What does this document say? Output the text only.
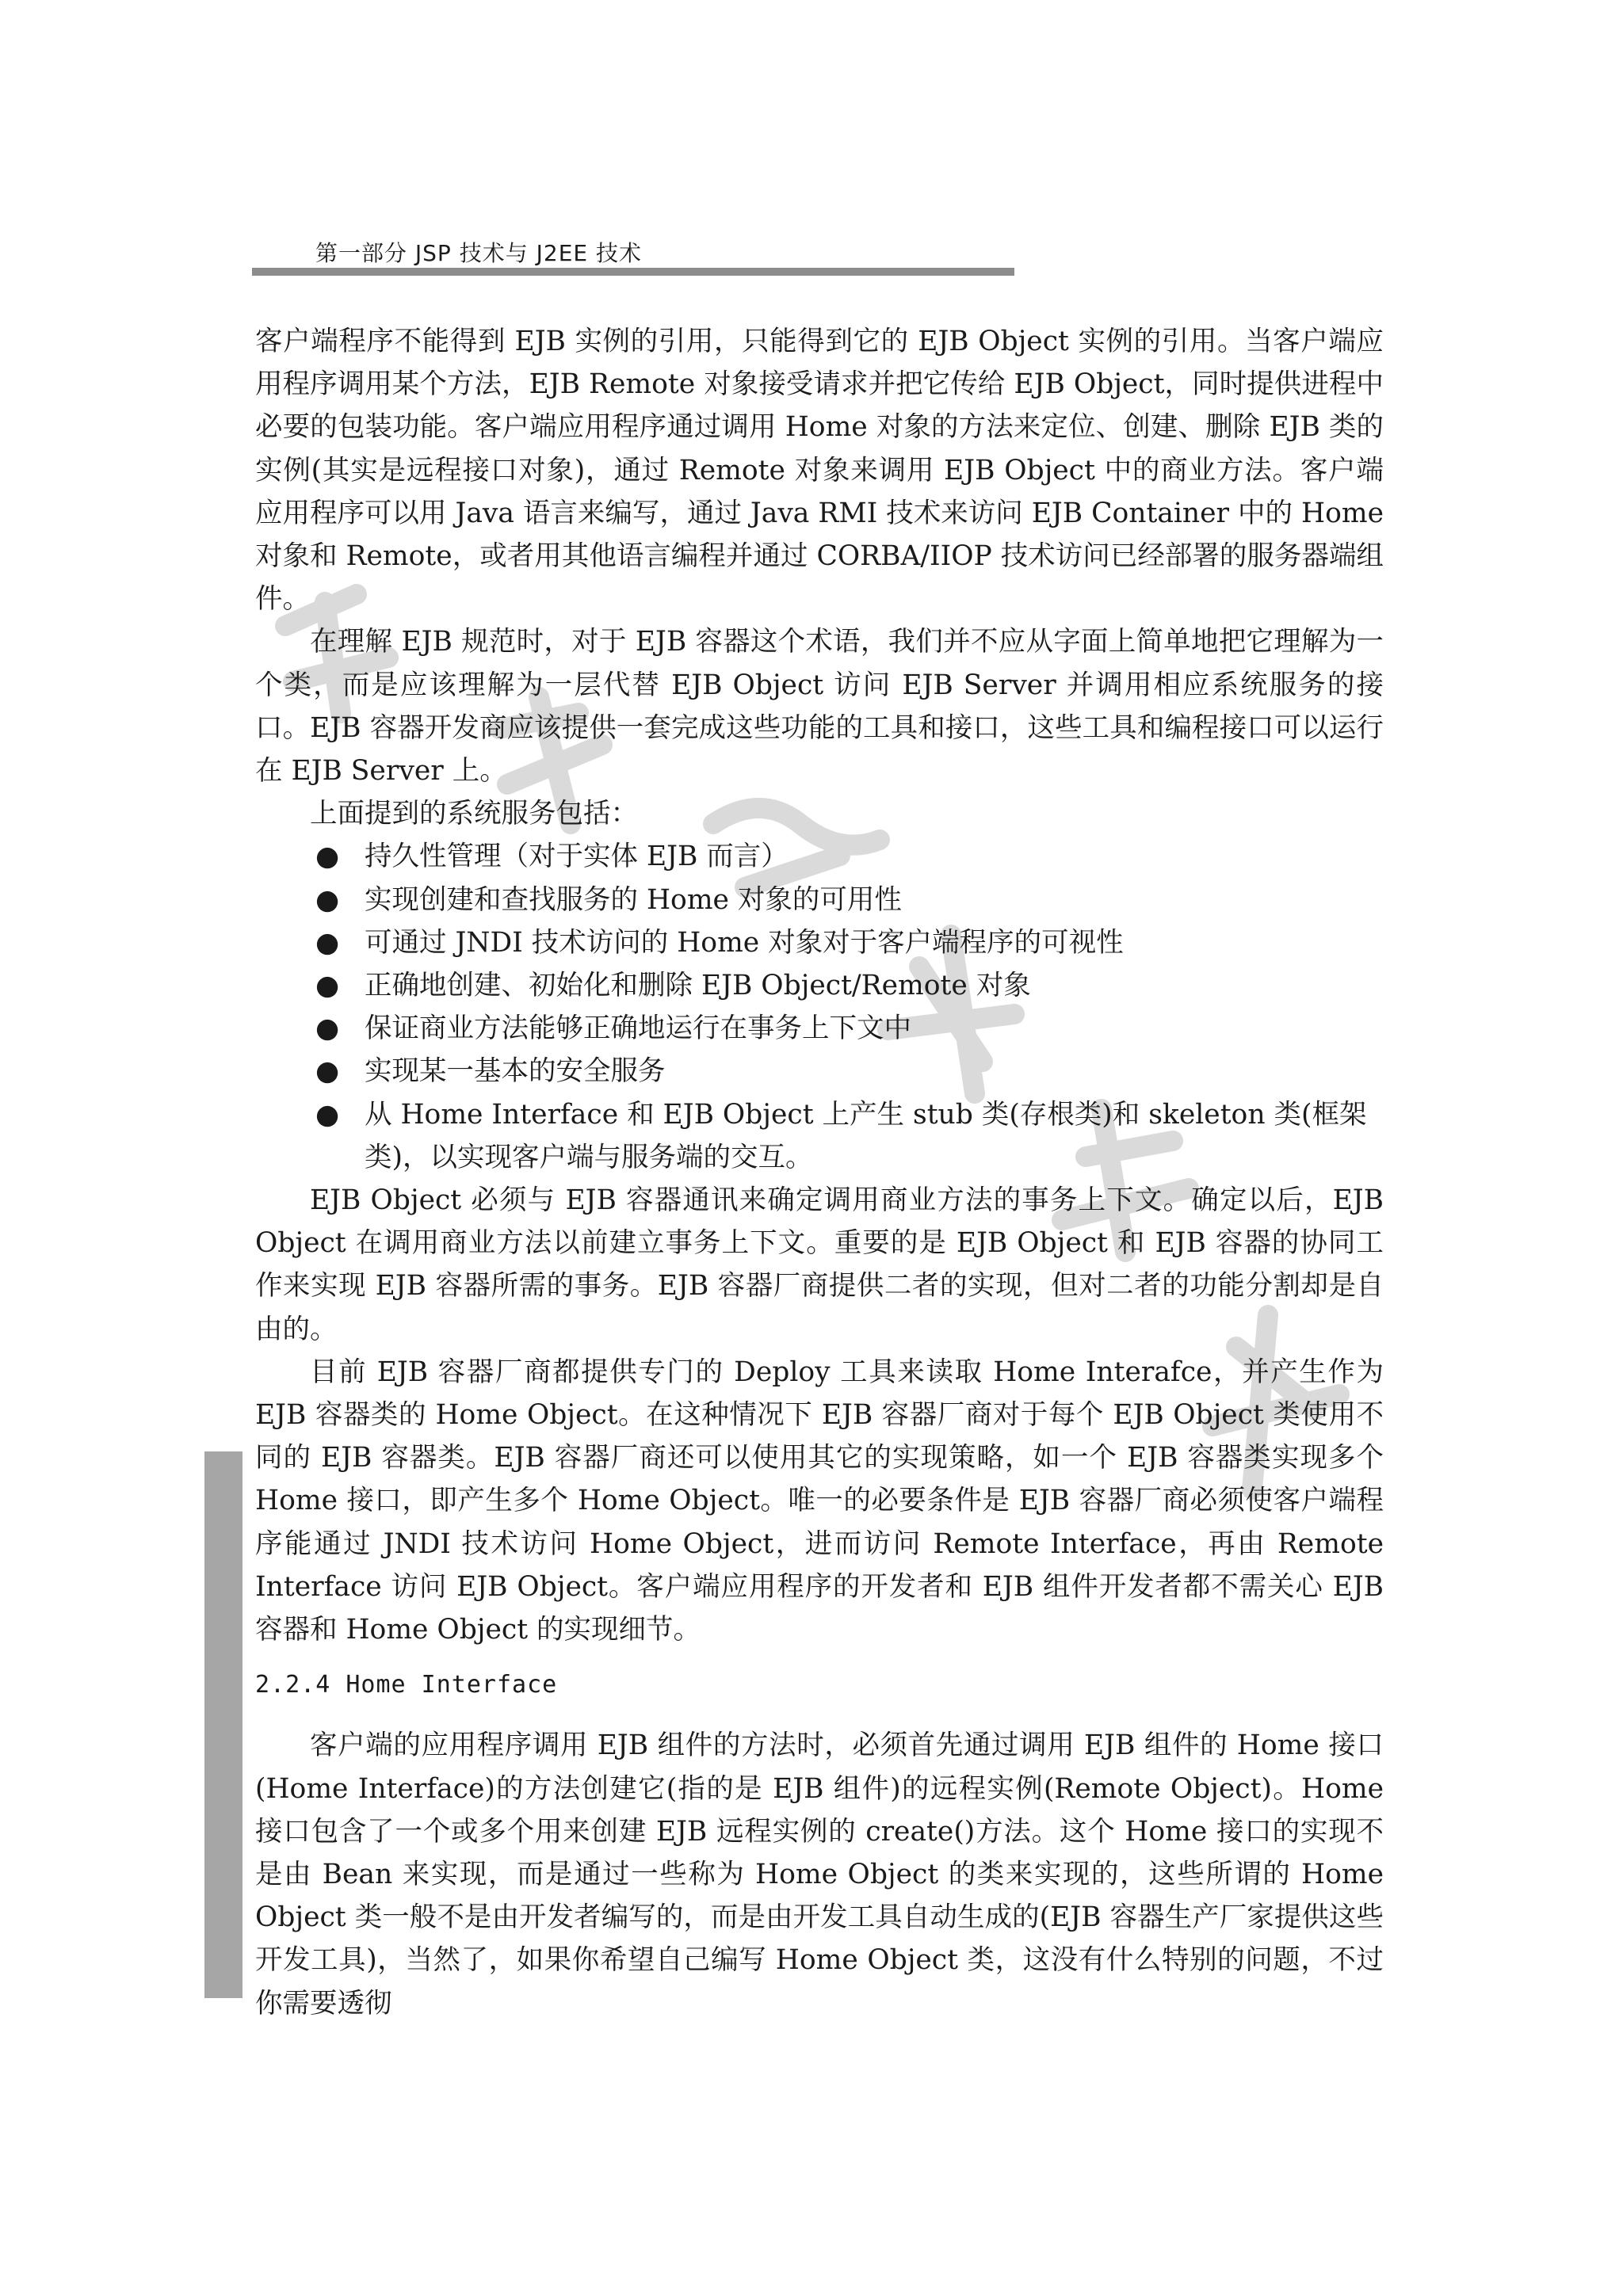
第一部分 JSP 技术与 J2EE 技术

客户端程序不能得到 EJB 实例的引用，只能得到它的 EJB Object 实例的引用。当客户端应用程序调用某个方法，EJB Remote 对象接受请求并把它传给 EJB Object，同时提供进程中必要的包装功能。客户端应用程序通过调用 Home 对象的方法来定位、创建、删除 EJB 类的实例(其实是远程接口对象)，通过 Remote 对象来调用 EJB Object 中的商业方法。客户端应用程序可以用 Java 语言来编写，通过 Java RMI 技术来访问 EJB Container 中的 Home 对象和 Remote，或者用其他语言编程并通过 CORBA/IIOP 技术访问已经部署的服务器端组件。

在理解 EJB 规范时，对于 EJB 容器这个术语，我们并不应从字面上简单地把它理解为一个类，而是应该理解为一层代替 EJB Object 访问 EJB Server 并调用相应系统服务的接口。EJB 容器开发商应该提供一套完成这些功能的工具和接口，这些工具和编程接口可以运行在 EJB Server 上。

上面提到的系统服务包括：

● 持久性管理（对于实体 EJB 而言）
● 实现创建和查找服务的 Home 对象的可用性
● 可通过 JNDI 技术访问的 Home 对象对于客户端程序的可视性
● 正确地创建、初始化和删除 EJB Object/Remote 对象
● 保证商业方法能够正确地运行在事务上下文中
● 实现某一基本的安全服务
● 从 Home Interface 和 EJB Object 上产生 stub 类(存根类)和 skeleton 类(框架类)，以实现客户端与服务端的交互。

EJB Object 必须与 EJB 容器通讯来确定调用商业方法的事务上下文。确定以后，EJB Object 在调用商业方法以前建立事务上下文。重要的是 EJB Object 和 EJB 容器的协同工作来实现 EJB 容器所需的事务。EJB 容器厂商提供二者的实现，但对二者的功能分割却是自由的。

目前 EJB 容器厂商都提供专门的 Deploy 工具来读取 Home Interafce，并产生作为 EJB 容器类的 Home Object。在这种情况下 EJB 容器厂商对于每个 EJB Object 类使用不同的 EJB 容器类。EJB 容器厂商还可以使用其它的实现策略，如一个 EJB 容器类实现多个 Home 接口，即产生多个 Home Object。唯一的必要条件是 EJB 容器厂商必须使客户端程序能通过 JNDI 技术访问 Home Object，进而访问 Remote Interface，再由 Remote Interface 访问 EJB Object。客户端应用程序的开发者和 EJB 组件开发者都不需关心 EJB 容器和 Home Object 的实现细节。

2.2.4 Home Interface

客户端的应用程序调用 EJB 组件的方法时，必须首先通过调用 EJB 组件的 Home 接口(Home Interface)的方法创建它(指的是 EJB 组件)的远程实例(Remote Object)。Home 接口包含了一个或多个用来创建 EJB 远程实例的 create()方法。这个 Home 接口的实现不是由 Bean 来实现，而是通过一些称为 Home Object 的类来实现的，这些所谓的 Home Object 类一般不是由开发者编写的，而是由开发工具自动生成的(EJB 容器生产厂家提供这些开发工具)，当然了，如果你希望自己编写 Home Object 类，这没有什么特别的问题，不过你需要透彻
